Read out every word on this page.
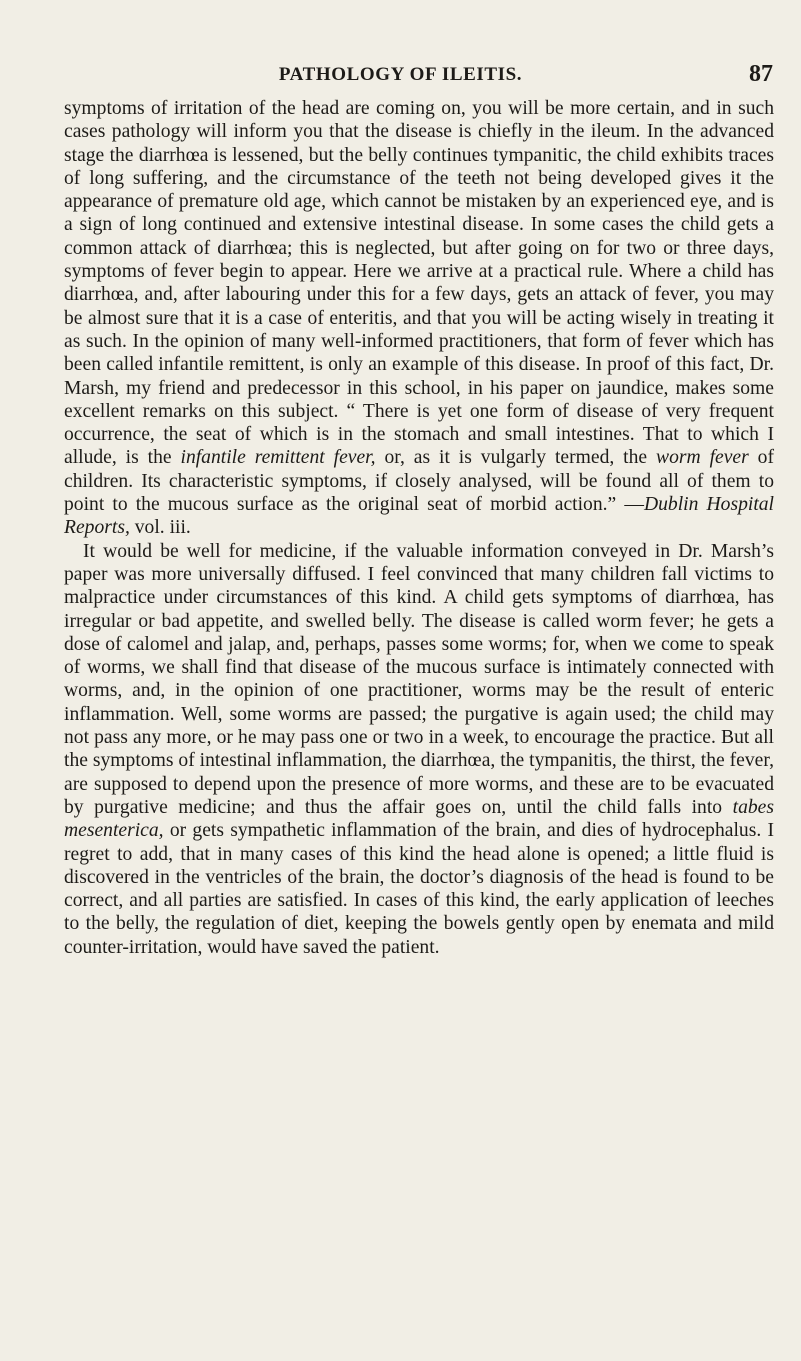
PATHOLOGY OF ILEITIS.	87

symptoms of irritation of the head are coming on, you will be more certain, and in such cases pathology will inform you that the disease is chiefly in the ileum. In the advanced stage the diarrhœa is lessened, but the belly continues tympanitic, the child exhibits traces of long suffering, and the circumstance of the teeth not being developed gives it the appearance of premature old age, which cannot be mistaken by an experienced eye, and is a sign of long continued and extensive intestinal disease. In some cases the child gets a common attack of diarrhœa; this is neglected, but after going on for two or three days, symptoms of fever begin to appear. Here we arrive at a practical rule. Where a child has diarrhœa, and, after labouring under this for a few days, gets an attack of fever, you may be almost sure that it is a case of enteritis, and that you will be acting wisely in treating it as such. In the opinion of many well-informed practitioners, that form of fever which has been called infantile remittent, is only an example of this disease. In proof of this fact, Dr. Marsh, my friend and predecessor in this school, in his paper on jaundice, makes some excellent remarks on this subject. “ There is yet one form of disease of very frequent occurrence, the seat of which is in the stomach and small intestines. That to which I allude, is the infantile remittent fever, or, as it is vulgarly termed, the worm fever of children. Its characteristic symptoms, if closely analysed, will be found all of them to point to the mucous surface as the original seat of morbid action.” —Dublin Hospital Reports, vol. iii.

It would be well for medicine, if the valuable information conveyed in Dr. Marsh’s paper was more universally diffused. I feel convinced that many children fall victims to malpractice under circumstances of this kind. A child gets symptoms of diarrhœa, has irregular or bad appetite, and swelled belly. The disease is called worm fever; he gets a dose of calomel and jalap, and, perhaps, passes some worms; for, when we come to speak of worms, we shall find that disease of the mucous surface is intimately connected with worms, and, in the opinion of one practitioner, worms may be the result of enteric inflammation. Well, some worms are passed; the purgative is again used; the child may not pass any more, or he may pass one or two in a week, to encourage the practice. But all the symptoms of intestinal inflammation, the diarrhœa, the tympanitis, the thirst, the fever, are supposed to depend upon the presence of more worms, and these are to be evacuated by purgative medicine; and thus the affair goes on, until the child falls into tabes mesenterica, or gets sympathetic inflammation of the brain, and dies of hydrocephalus. I regret to add, that in many cases of this kind the head alone is opened; a little fluid is discovered in the ventricles of the brain, the doctor’s diagnosis of the head is found to be correct, and all parties are satisfied. In cases of this kind, the early application of leeches to the belly, the regulation of diet, keeping the bowels gently open by enemata and mild counter-irritation, would have saved the patient.
